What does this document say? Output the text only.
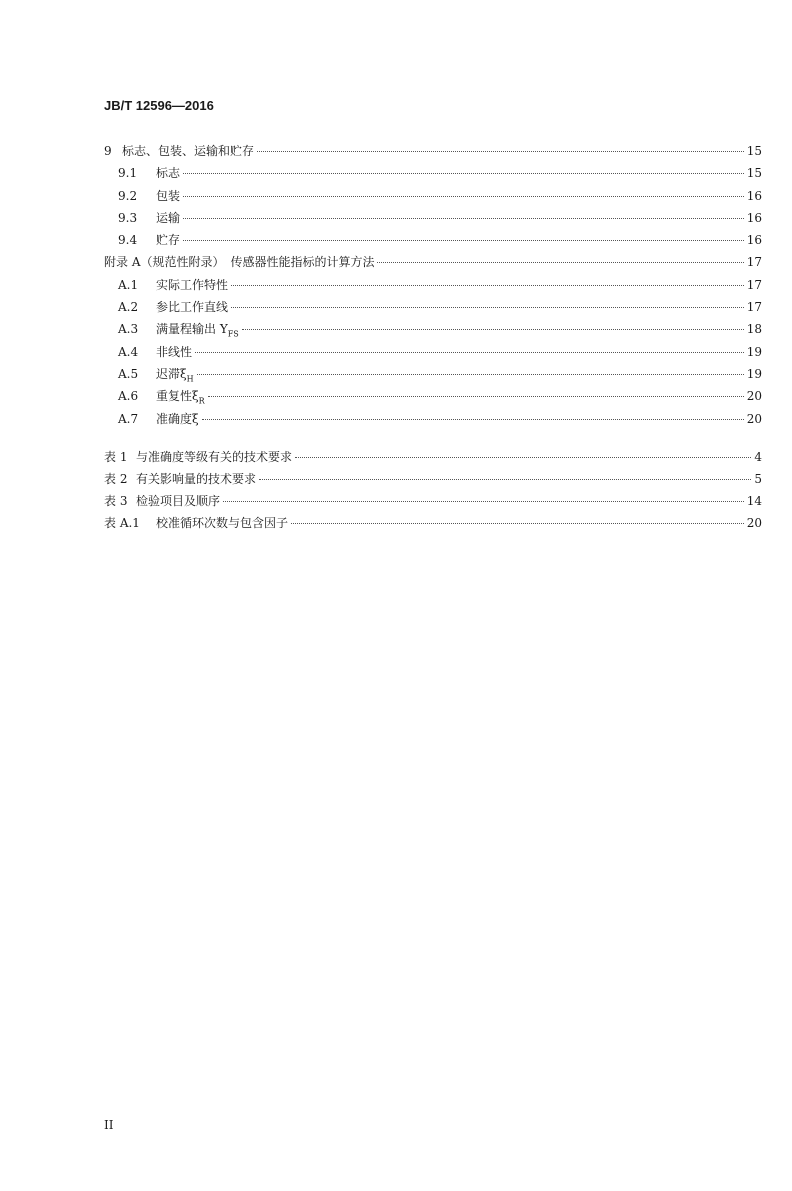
JB/T 12596—2016
9 标志、包装、运输和贮存	15
9.1	标志	15
9.2	包装	16
9.3	运输	16
9.4	贮存	16
附录 A（规范性附录）　传感器性能指标的计算方法	17
A.1	实际工作特性	17
A.2	参比工作直线	17
A.3	满量程输出 $Y_{FS}$	18
A.4	非线性	19
A.5	迟滞$\xi_H$	19
A.6	重复性$\xi_R$	20
A.7	准确度ξ	20
表 1 与准确度等级有关的技术要求	4
表 2 有关影响量的技术要求	5
表 3 检验项目及顺序	14
表 A.1	校准循环次数与包含因子	20
II
